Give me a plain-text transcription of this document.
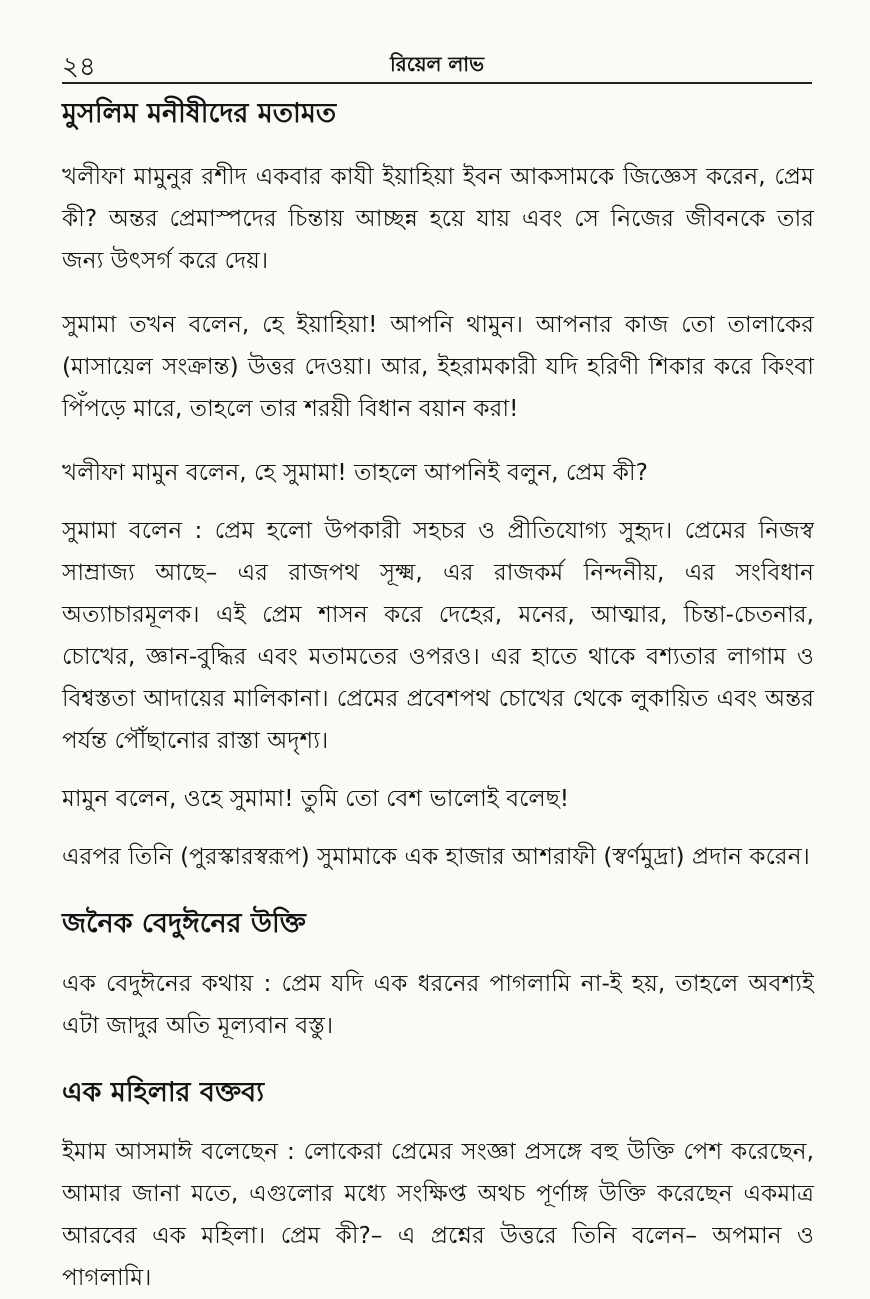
২৪	রিয়েল লাভ
মুসলিম মনীষীদের মতামত

খলীফা মামুনুর রশীদ একবার কাযী ইয়াহিয়া ইবন আকসামকে জিজ্ঞেস করেন, প্রেম কী? অন্তর প্রেমাস্পদের চিন্তায় আচ্ছন্ন হয়ে যায় এবং সে নিজের জীবনকে তার জন্য উৎসর্গ করে দেয়।

সুমামা তখন বলেন, হে ইয়াহিয়া! আপনি থামুন। আপনার কাজ তো তালাকের (মাসায়েল সংক্রান্ত) উত্তর দেওয়া। আর, ইহরামকারী যদি হরিণী শিকার করে কিংবা পিঁপড়ে মারে, তাহলে তার শরয়ী বিধান বয়ান করা!

খলীফা মামুন বলেন, হে সুমামা! তাহলে আপনিই বলুন, প্রেম কী?

সুমামা বলেন : প্রেম হলো উপকারী সহচর ও প্রীতিযোগ্য সুহৃদ। প্রেমের নিজস্ব সাম্রাজ্য আছে– এর রাজপথ সূক্ষ্ম, এর রাজকর্ম নিন্দনীয়, এর সংবিধান অত্যাচারমূলক। এই প্রেম শাসন করে দেহের, মনের, আত্মার, চিন্তা-চেতনার, চোখের, জ্ঞান-বুদ্ধির এবং মতামতের ওপরও। এর হাতে থাকে বশ্যতার লাগাম ও বিশ্বস্ততা আদায়ের মালিকানা। প্রেমের প্রবেশপথ চোখের থেকে লুকায়িত এবং অন্তর পর্যন্ত পৌঁছানোর রাস্তা অদৃশ্য।

মামুন বলেন, ওহে সুমামা! তুমি তো বেশ ভালোই বলেছ!

এরপর তিনি (পুরস্কারস্বরূপ) সুমামাকে এক হাজার আশরাফী (স্বর্ণমুদ্রা) প্রদান করেন।

জনৈক বেদুঈনের উক্তি

এক বেদুঈনের কথায় : প্রেম যদি এক ধরনের পাগলামি না-ই হয়, তাহলে অবশ্যই এটা জাদুর অতি মূল্যবান বস্তু।

এক মহিলার বক্তব্য

ইমাম আসমাঈ বলেছেন : লোকেরা প্রেমের সংজ্ঞা প্রসঙ্গে বহু উক্তি পেশ করেছেন, আমার জানা মতে, এগুলোর মধ্যে সংক্ষিপ্ত অথচ পূর্ণাঙ্গ উক্তি করেছেন একমাত্র আরবের এক মহিলা। প্রেম কী?– এ প্রশ্নের উত্তরে তিনি বলেন– অপমান ও পাগলামি।
